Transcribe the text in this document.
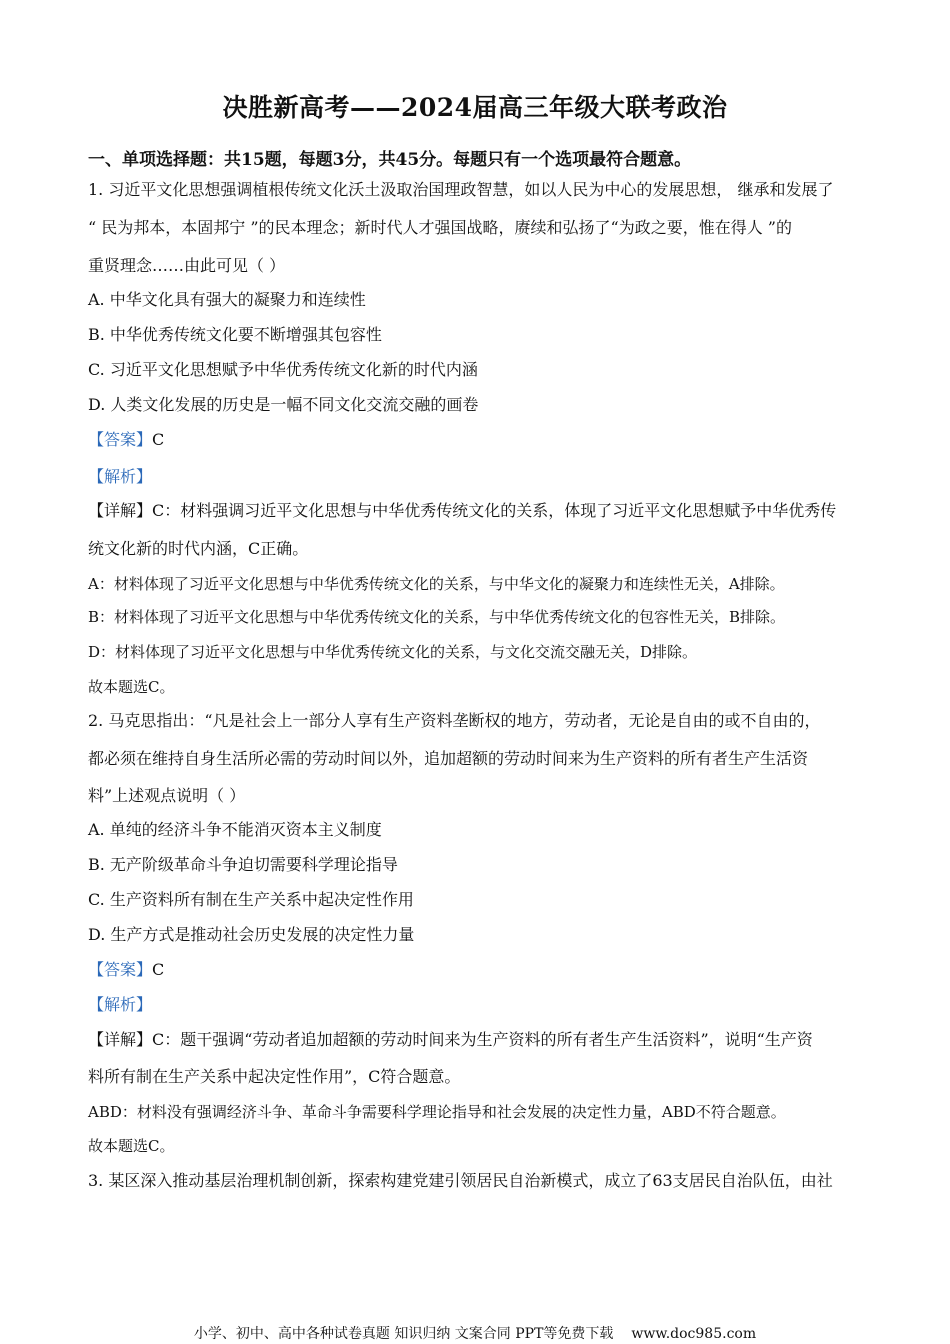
决胜新高考——2024届高三年级大联考政治
一、单项选择题：共15题，每题3分，共45分。每题只有一个选项最符合题意。
1. 习近平文化思想强调植根传统文化沃土汲取治国理政智慧，如以人民为中心的发展思想， 继承和发展了
“ 民为邦本，本固邦宁 ”的民本理念；新时代人才强国战略，赓续和弘扬了“为政之要，惟在得人 ”的
重贤理念……由此可见（ ）
A. 中华文化具有强大的凝聚力和连续性
B. 中华优秀传统文化要不断增强其包容性
C. 习近平文化思想赋予中华优秀传统文化新的时代内涵
D. 人类文化发展的历史是一幅不同文化交流交融的画卷
【答案】C
【解析】
【详解】C：材料强调习近平文化思想与中华优秀传统文化的关系，体现了习近平文化思想赋予中华优秀传
统文化新的时代内涵，C正确。
A：材料体现了习近平文化思想与中华优秀传统文化的关系，与中华文化的凝聚力和连续性无关，A排除。
B：材料体现了习近平文化思想与中华优秀传统文化的关系，与中华优秀传统文化的包容性无关，B排除。
D：材料体现了习近平文化思想与中华优秀传统文化的关系，与文化交流交融无关，D排除。
故本题选C。
2. 马克思指出：“凡是社会上一部分人享有生产资料垄断权的地方，劳动者，无论是自由的或不自由的，
都必须在维持自身生活所必需的劳动时间以外，追加超额的劳动时间来为生产资料的所有者生产生活资
料”上述观点说明（ ）
A. 单纯的经济斗争不能消灭资本主义制度
B. 无产阶级革命斗争迫切需要科学理论指导
C. 生产资料所有制在生产关系中起决定性作用
D. 生产方式是推动社会历史发展的决定性力量
【答案】C
【解析】
【详解】C：题干强调“劳动者追加超额的劳动时间来为生产资料的所有者生产生活资料”，说明“生产资
料所有制在生产关系中起决定性作用”，C符合题意。
ABD：材料没有强调经济斗争、革命斗争需要科学理论指导和社会发展的决定性力量，ABD不符合题意。
故本题选C。
3. 某区深入推动基层治理机制创新，探索构建党建引领居民自治新模式，成立了63支居民自治队伍，由社
小学、初中、高中各种试卷真题 知识归纳 文案合同 PPT等免费下载 www.doc985.com
